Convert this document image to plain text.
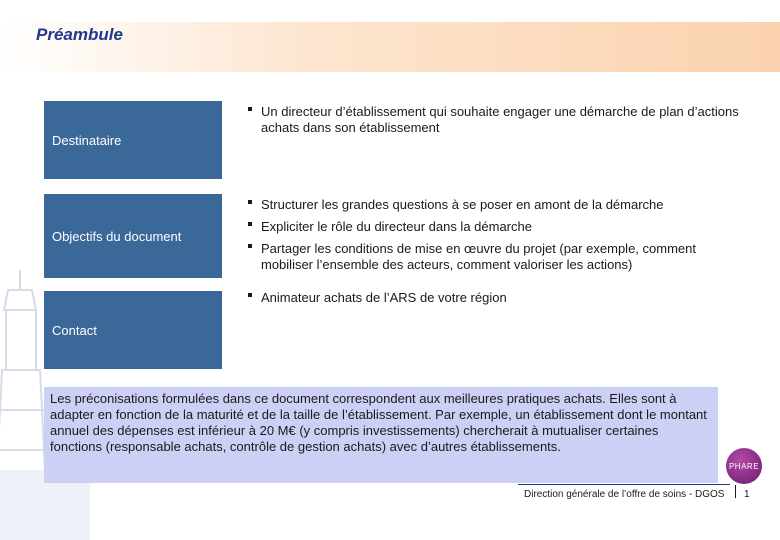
Préambule
Destinataire
Un directeur d’établissement qui souhaite engager une démarche de plan d’actions achats dans son établissement
Objectifs du document
Structurer les grandes questions à se poser en amont de la démarche
Expliciter le rôle du directeur dans la démarche
Partager les conditions de mise en œuvre du projet (par exemple, comment mobiliser l’ensemble des acteurs, comment valoriser les actions)
Contact
Animateur achats de l’ARS de votre région
Les préconisations formulées dans ce document correspondent aux meilleures pratiques achats. Elles sont à adapter en fonction de la maturité et de la taille de l’établissement. Par exemple, un établissement dont le montant annuel des dépenses est inférieur à 20 M€ (y compris investissements) chercherait à mutualiser certaines fonctions (responsable achats, contrôle de gestion achats) avec d’autres établissements.
PHARE
Direction générale de l’offre de soins - DGOS 1
